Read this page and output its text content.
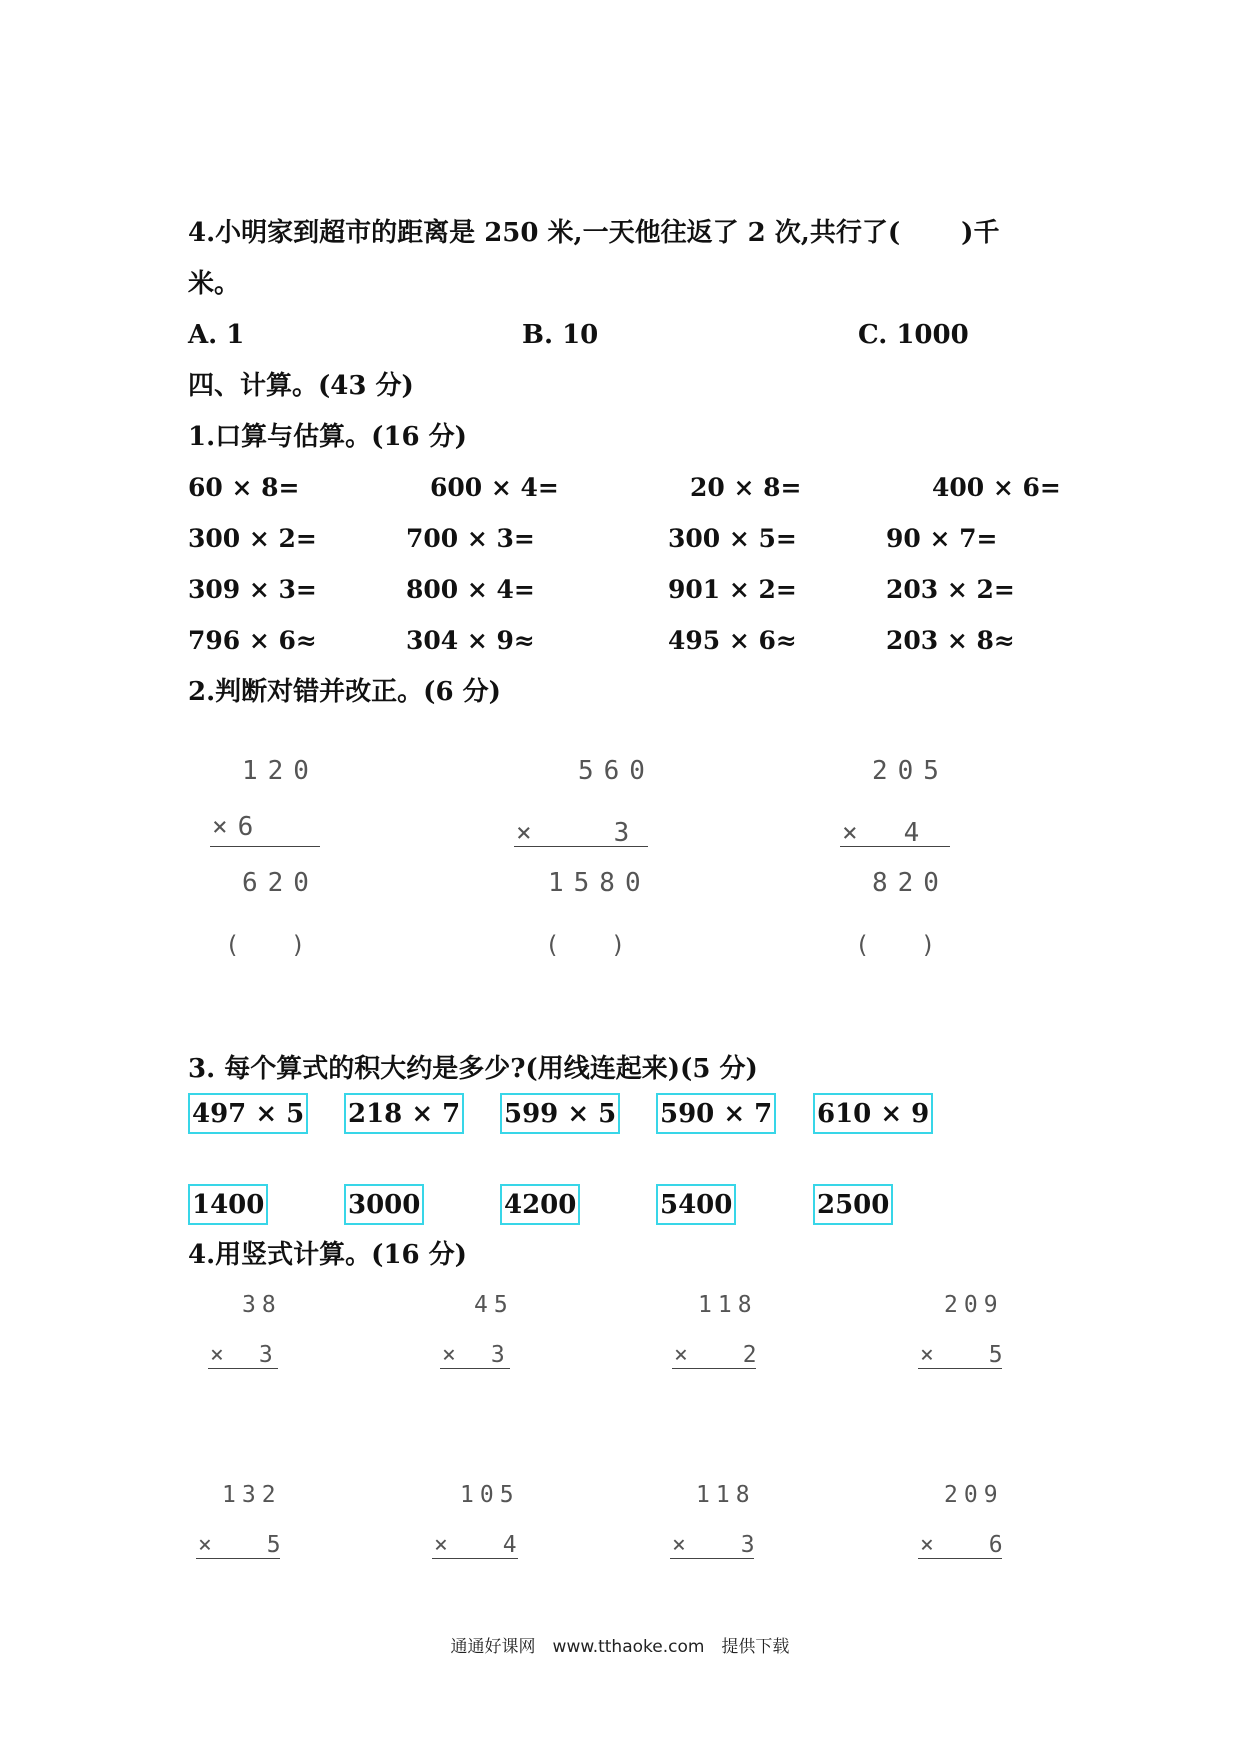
4.小明家到超市的距离是 250 米,一天他往返了 2 次,共行了(　　 )千
米。
A. 1	B. 10	C. 1000
四、计算。(43 分)
1.口算与估算。(16 分)
60 × 8=	600 × 4=	20 × 8=	400 × 6=
300 × 2=	700 × 3=	300 × 5=	90 × 7=
309 × 3=	800 × 4=	901 × 2=	203 × 2=
796 × 6≈	304 × 9≈	495 × 6≈	203 × 8≈
2.判断对错并改正。(6 分)
120
×6
620
(　　 )
560
×　　3
1580
(　　 )
205
×　4
820
(　　 )
3. 每个算式的积大约是多少?(用线连起来)(5 分)
497 × 5 218 × 7 599 × 5 590 × 7 610 × 9
1400	3000	4200	5400	2500
4.用竖式计算。(16 分)
38
×　3
45
×　3
118
×　 2
209
×　 5
132
×　 5
105
×　 4
118
×　 3
209
×　 6
通通好课网　www.tthaoke.com　提供下载
